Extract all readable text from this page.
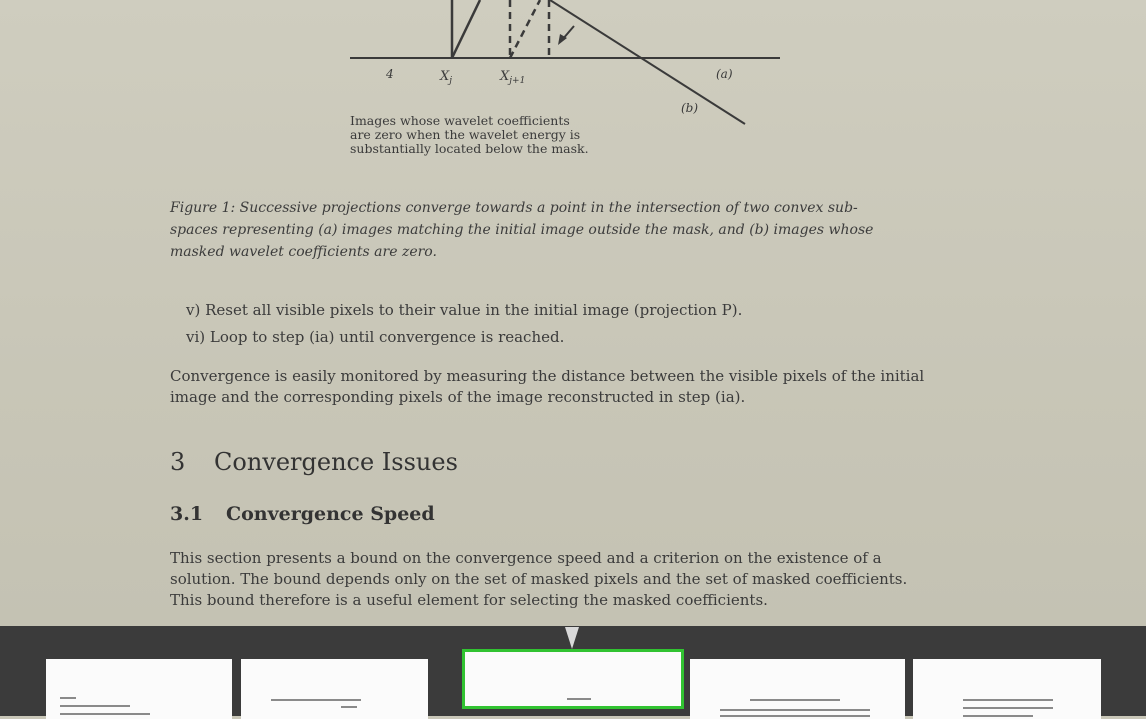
4	$X_j$	$X_{j+1}$	(a)
(b)
Images whose wavelet coefficients
are zero when the wavelet energy is
substantially located below the mask.
Figure 1: Successive projections converge towards a point in the intersection of two convex sub-
spaces representing (a) images matching the initial image outside the mask, and (b) images whose
masked wavelet coefficients are zero.
v) Reset all visible pixels to their value in the initial image (projection P).
vi) Loop to step (ia) until convergence is reached.
Convergence is easily monitored by measuring the distance between the visible pixels of the initial
image and the corresponding pixels of the image reconstructed in step (ia).
3 Convergence Issues
3.1 Convergence Speed
This section presents a bound on the convergence speed and a criterion on the existence of a
solution. The bound depends only on the set of masked pixels and the set of masked coefficients.
This bound therefore is a useful element for selecting the masked coefficients.
